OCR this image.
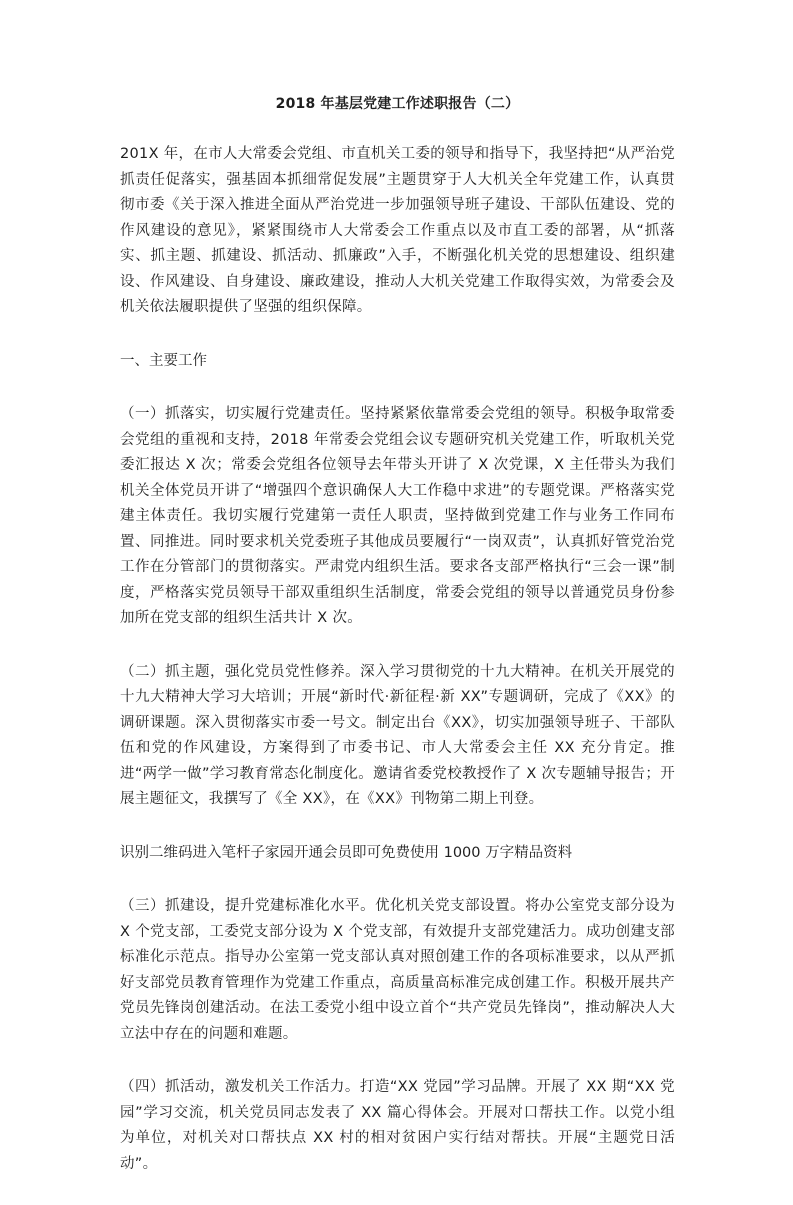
2018 年基层党建工作述职报告（二）
201X 年，在市人大常委会党组、市直机关工委的领导和指导下，我坚持把“从严治党抓责任促落实，强基固本抓细常促发展”主题贯穿于人大机关全年党建工作，认真贯彻市委《关于深入推进全面从严治党进一步加强领导班子建设、干部队伍建设、党的作风建设的意见》，紧紧围绕市人大常委会工作重点以及市直工委的部署，从“抓落实、抓主题、抓建设、抓活动、抓廉政”入手，不断强化机关党的思想建设、组织建设、作风建设、自身建设、廉政建设，推动人大机关党建工作取得实效，为常委会及机关依法履职提供了坚强的组织保障。
一、主要工作
（一）抓落实，切实履行党建责任。坚持紧紧依靠常委会党组的领导。积极争取常委会党组的重视和支持，2018 年常委会党组会议专题研究机关党建工作，听取机关党委汇报达 X 次；常委会党组各位领导去年带头开讲了 X 次党课，X 主任带头为我们机关全体党员开讲了“增强四个意识确保人大工作稳中求进”的专题党课。严格落实党建主体责任。我切实履行党建第一责任人职责，坚持做到党建工作与业务工作同布置、同推进。同时要求机关党委班子其他成员要履行“一岗双责”，认真抓好管党治党工作在分管部门的贯彻落实。严肃党内组织生活。要求各支部严格执行“三会一课”制度，严格落实党员领导干部双重组织生活制度，常委会党组的领导以普通党员身份参加所在党支部的组织生活共计 X 次。
（二）抓主题，强化党员党性修养。深入学习贯彻党的十九大精神。在机关开展党的十九大精神大学习大培训；开展“新时代·新征程·新 XX”专题调研，完成了《XX》的调研课题。深入贯彻落实市委一号文。制定出台《XX》，切实加强领导班子、干部队伍和党的作风建设，方案得到了市委书记、市人大常委会主任 XX 充分肯定。推进“两学一做”学习教育常态化制度化。邀请省委党校教授作了 X 次专题辅导报告；开展主题征文，我撰写了《全 XX》，在《XX》刊物第二期上刊登。
识别二维码进入笔杆子家园开通会员即可免费使用 1000 万字精品资料
（三）抓建设，提升党建标准化水平。优化机关党支部设置。将办公室党支部分设为 X 个党支部，工委党支部分设为 X 个党支部，有效提升支部党建活力。成功创建支部标准化示范点。指导办公室第一党支部认真对照创建工作的各项标准要求，以从严抓好支部党员教育管理作为党建工作重点，高质量高标准完成创建工作。积极开展共产党员先锋岗创建活动。在法工委党小组中设立首个“共产党员先锋岗”，推动解决人大立法中存在的问题和难题。
（四）抓活动，激发机关工作活力。打造“XX 党园”学习品牌。开展了 XX 期“XX 党园”学习交流，机关党员同志发表了 XX 篇心得体会。开展对口帮扶工作。以党小组为单位，对机关对口帮扶点 XX 村的相对贫困户实行结对帮扶。开展“主题党日活动”。
